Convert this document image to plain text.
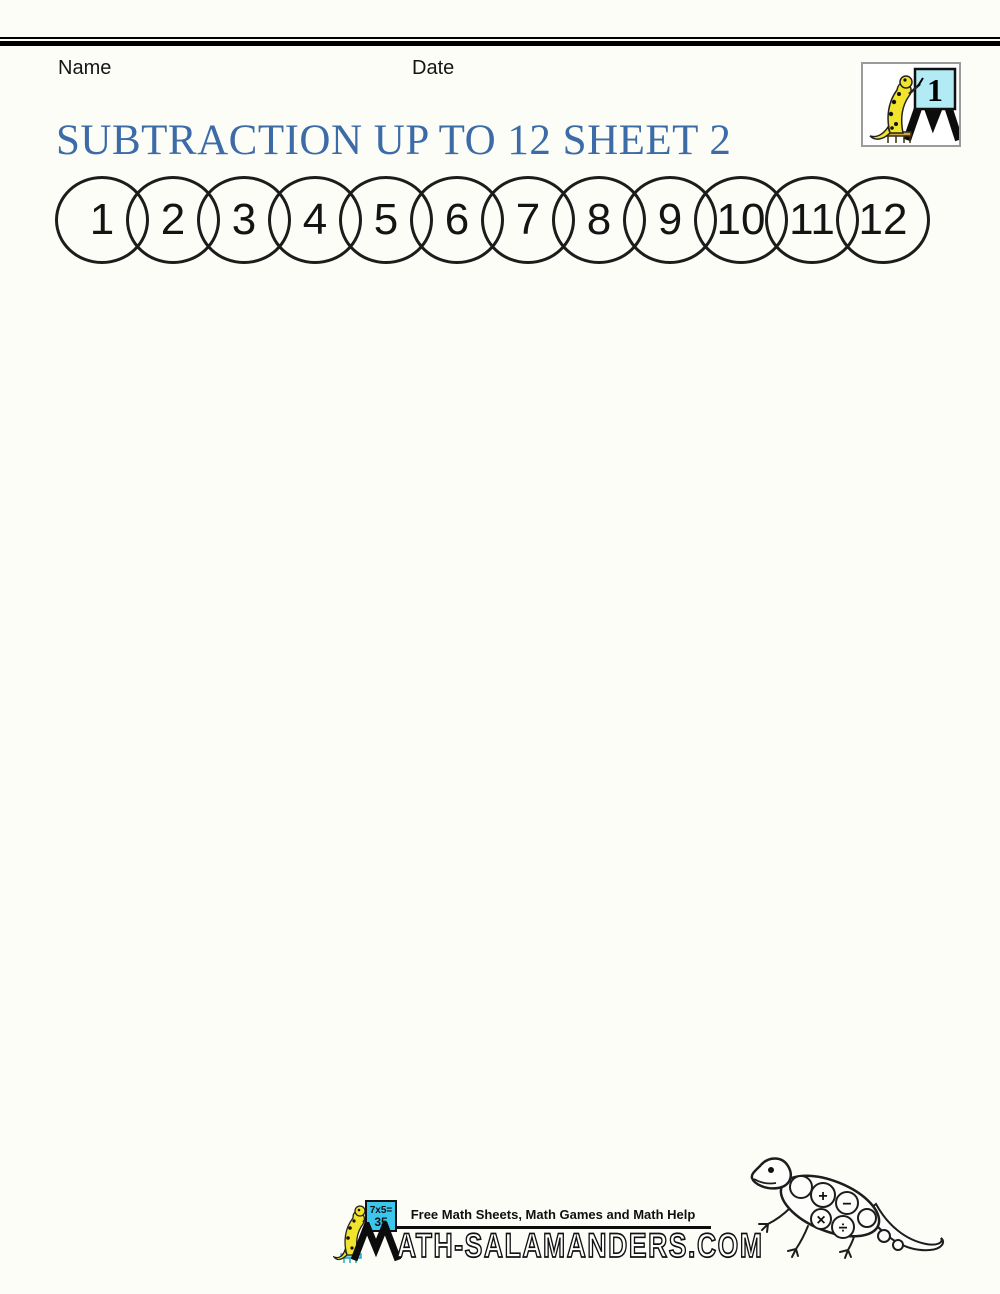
Name	Date
1
SUBTRACTION UP TO 12 SHEET 2
1 2 3 4 5 6 7 8 9 10 11 12
7x5=
35 Free Math Sheets, Math Games and Math Help
ATH-SALAMANDERS.COM
+ −
× ÷
